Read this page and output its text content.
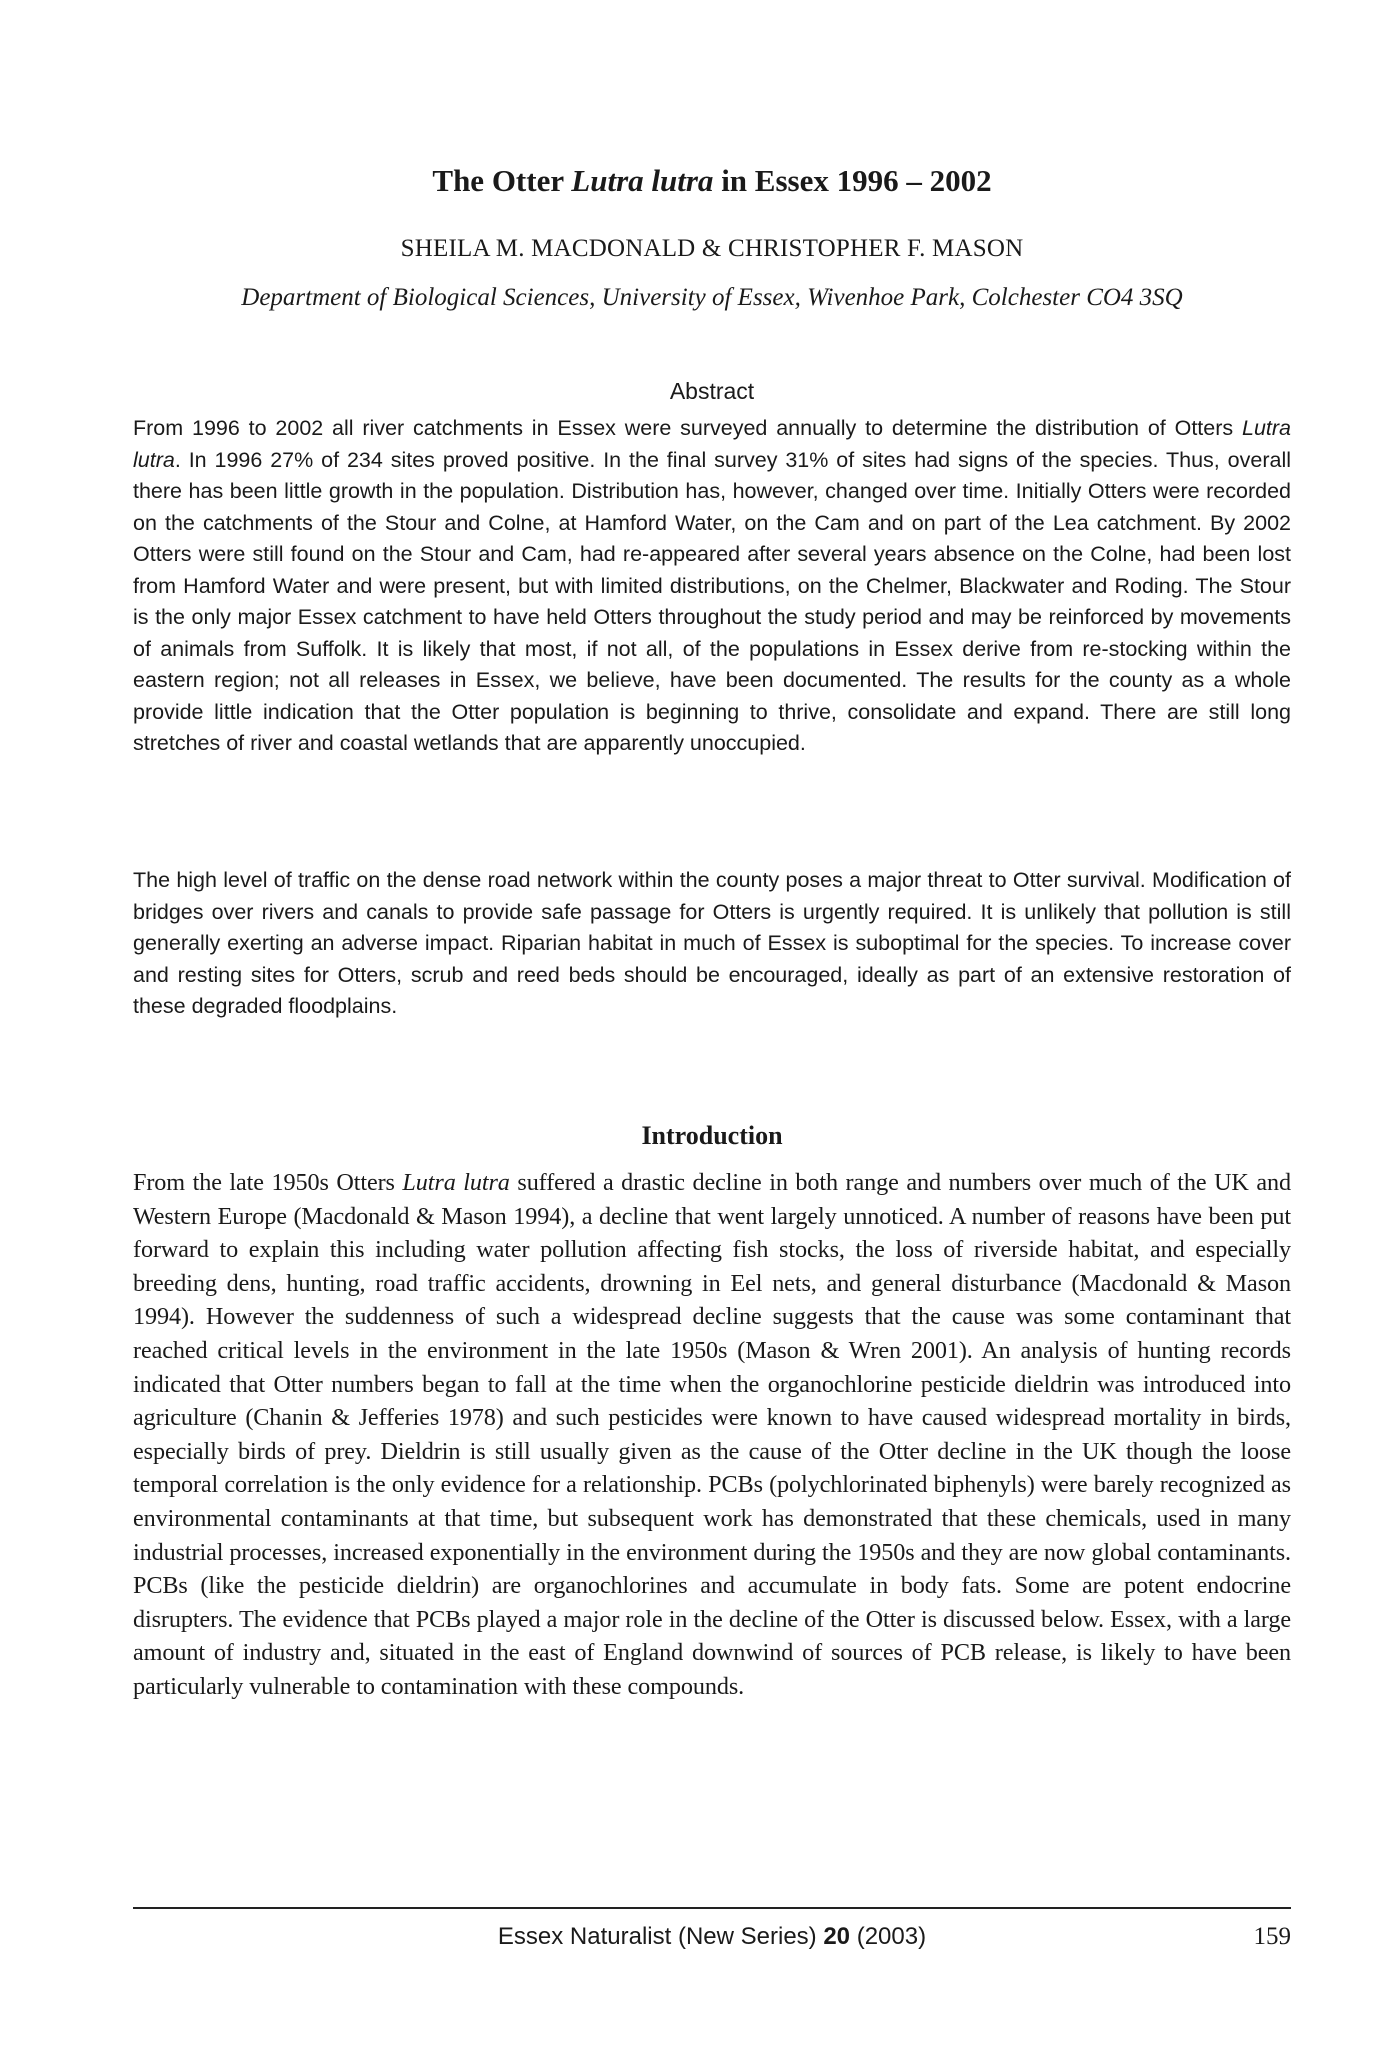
The Otter Lutra lutra in Essex 1996 – 2002
SHEILA M. MACDONALD & CHRISTOPHER F. MASON
Department of Biological Sciences, University of Essex, Wivenhoe Park, Colchester CO4 3SQ
Abstract

From 1996 to 2002 all river catchments in Essex were surveyed annually to determine the distribution of Otters Lutra lutra. In 1996 27% of 234 sites proved positive. In the final survey 31% of sites had signs of the species. Thus, overall there has been little growth in the population. Distribution has, however, changed over time. Initially Otters were recorded on the catchments of the Stour and Colne, at Hamford Water, on the Cam and on part of the Lea catchment. By 2002 Otters were still found on the Stour and Cam, had re-appeared after several years absence on the Colne, had been lost from Hamford Water and were present, but with limited distributions, on the Chelmer, Blackwater and Roding. The Stour is the only major Essex catchment to have held Otters throughout the study period and may be reinforced by movements of animals from Suffolk. It is likely that most, if not all, of the populations in Essex derive from re-stocking within the eastern region; not all releases in Essex, we believe, have been documented. The results for the county as a whole provide little indication that the Otter population is beginning to thrive, consolidate and expand. There are still long stretches of river and coastal wetlands that are apparently unoccupied.

The high level of traffic on the dense road network within the county poses a major threat to Otter survival. Modification of bridges over rivers and canals to provide safe passage for Otters is urgently required. It is unlikely that pollution is still generally exerting an adverse impact. Riparian habitat in much of Essex is suboptimal for the species. To increase cover and resting sites for Otters, scrub and reed beds should be encouraged, ideally as part of an extensive restoration of these degraded floodplains.

Introduction

From the late 1950s Otters Lutra lutra suffered a drastic decline in both range and numbers over much of the UK and Western Europe (Macdonald & Mason 1994), a decline that went largely unnoticed. A number of reasons have been put forward to explain this including water pollution affecting fish stocks, the loss of riverside habitat, and especially breeding dens, hunting, road traffic accidents, drowning in Eel nets, and general disturbance (Macdonald & Mason 1994). However the suddenness of such a widespread decline suggests that the cause was some contaminant that reached critical levels in the environment in the late 1950s (Mason & Wren 2001). An analysis of hunting records indicated that Otter numbers began to fall at the time when the organochlorine pesticide dieldrin was introduced into agriculture (Chanin & Jefferies 1978) and such pesticides were known to have caused widespread mortality in birds, especially birds of prey. Dieldrin is still usually given as the cause of the Otter decline in the UK though the loose temporal correlation is the only evidence for a relationship. PCBs (polychlorinated biphenyls) were barely recognized as environmental contaminants at that time, but subsequent work has demonstrated that these chemicals, used in many industrial processes, increased exponentially in the environment during the 1950s and they are now global contaminants. PCBs (like the pesticide dieldrin) are organochlorines and accumulate in body fats. Some are potent endocrine disrupters. The evidence that PCBs played a major role in the decline of the Otter is discussed below. Essex, with a large amount of industry and, situated in the east of England downwind of sources of PCB release, is likely to have been particularly vulnerable to contamination with these compounds.

Essex Naturalist (New Series) 20 (2003)	159
